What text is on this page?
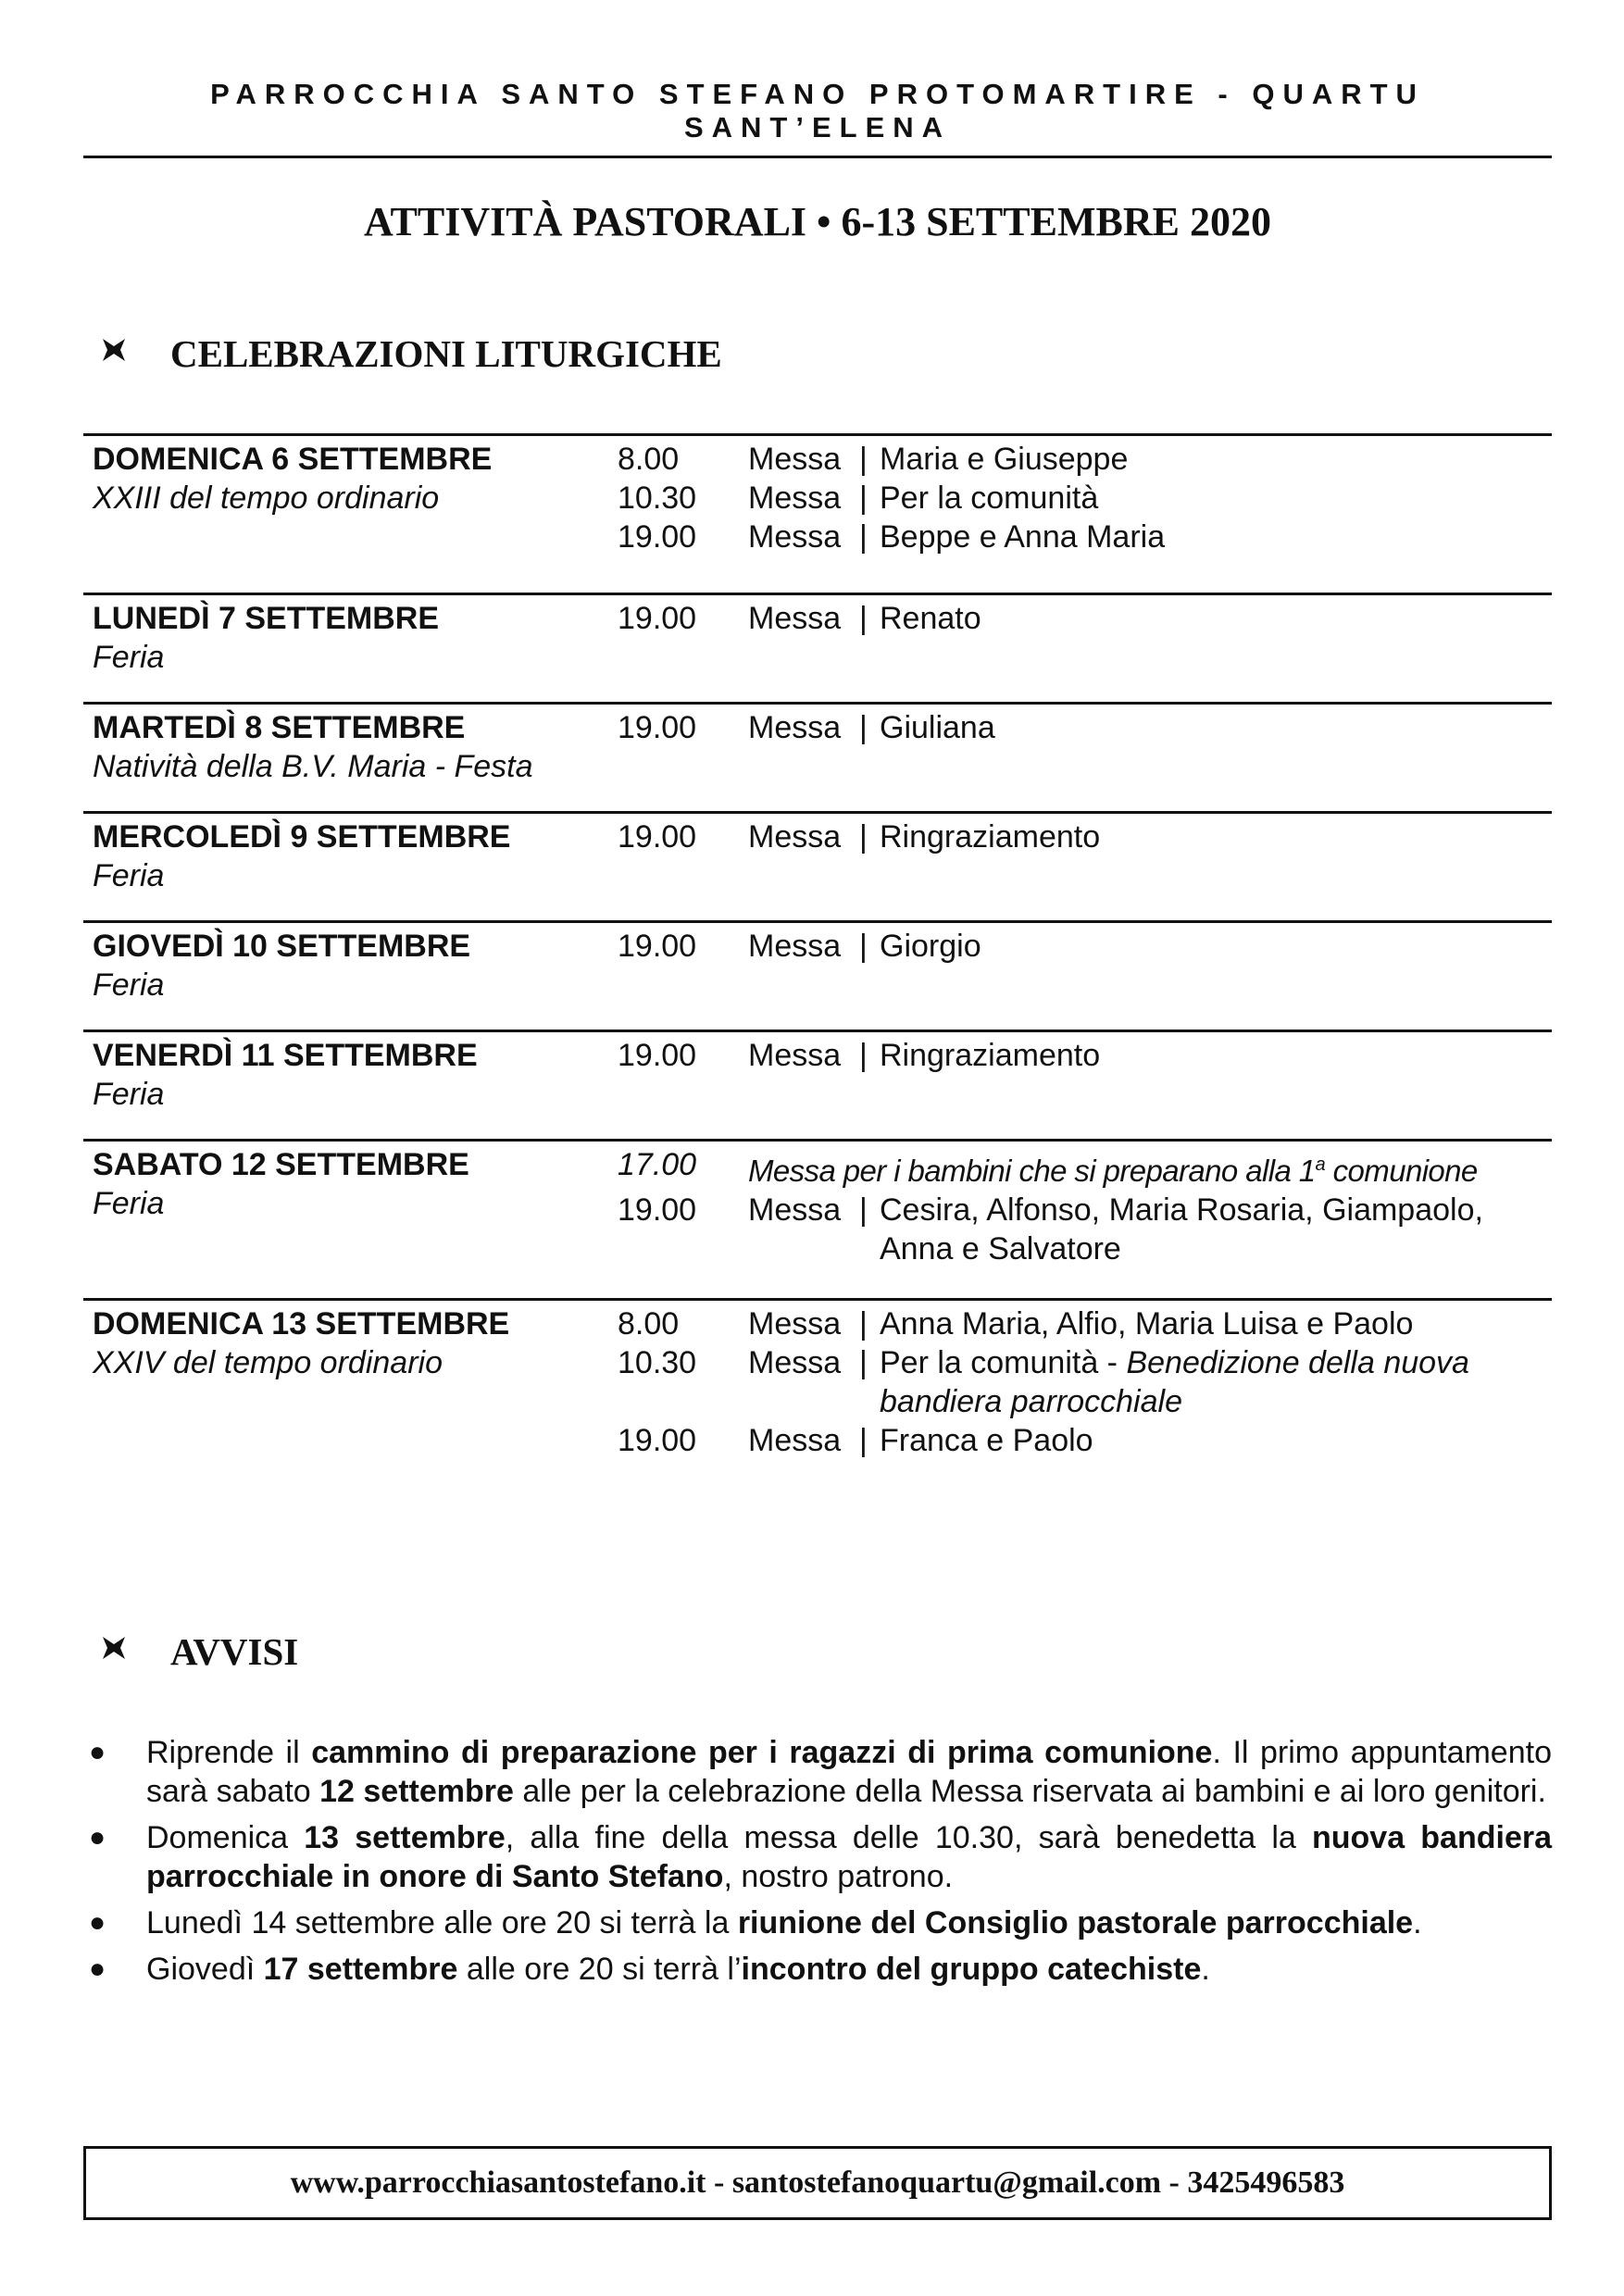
PARROCCHIA SANTO STEFANO PROTOMARTIRE - QUARTU SANT’ELENA
ATTIVITÀ PASTORALI • 6-13 SETTEMBRE 2020
CELEBRAZIONI LITURGICHE
DOMENICA 6 SETTEMBRE
XXIII del tempo ordinario
8.00	Messa | Maria e Giuseppe
10.30	Messa | Per la comunità
19.00	Messa | Beppe e Anna Maria
LUNEDÌ 7 SETTEMBRE
Feria
19.00	Messa | Renato
MARTEDÌ 8 SETTEMBRE
Natività della B.V. Maria - Festa
19.00	Messa | Giuliana
MERCOLEDÌ 9 SETTEMBRE
Feria
19.00	Messa | Ringraziamento
GIOVEDÌ 10 SETTEMBRE
Feria
19.00	Messa | Giorgio
VENERDÌ 11 SETTEMBRE
Feria
19.00	Messa | Ringraziamento
SABATO 12 SETTEMBRE
Feria
17.00	Messa per i bambini che si preparano alla 1$^a$ comunione
19.00	Messa | Cesira, Alfonso, Maria Rosaria, Giampaolo,
Anna e Salvatore
DOMENICA 13 SETTEMBRE
XXIV del tempo ordinario
8.00	Messa | Anna Maria, Alfio, Maria Luisa e Paolo
10.30	Messa | Per la comunità - Benedizione della nuova
bandiera parrocchiale
19.00	Messa | Franca e Paolo
AVVISI
●	Riprende il cammino di preparazione per i ragazzi di prima comunione. Il primo appuntamento sarà sabato 12 settembre alle per la celebrazione della Messa riservata ai bambini e ai loro genitori.
●	Domenica 13 settembre, alla fine della messa delle 10.30, sarà benedetta la nuova bandiera parrocchiale in onore di Santo Stefano, nostro patrono.
●	Lunedì 14 settembre alle ore 20 si terrà la riunione del Consiglio pastorale parrocchiale.
●	Giovedì 17 settembre alle ore 20 si terrà l’incontro del gruppo catechiste.
www.parrocchiasantostefano.it - santostefanoquartu@gmail.com - 3425496583
